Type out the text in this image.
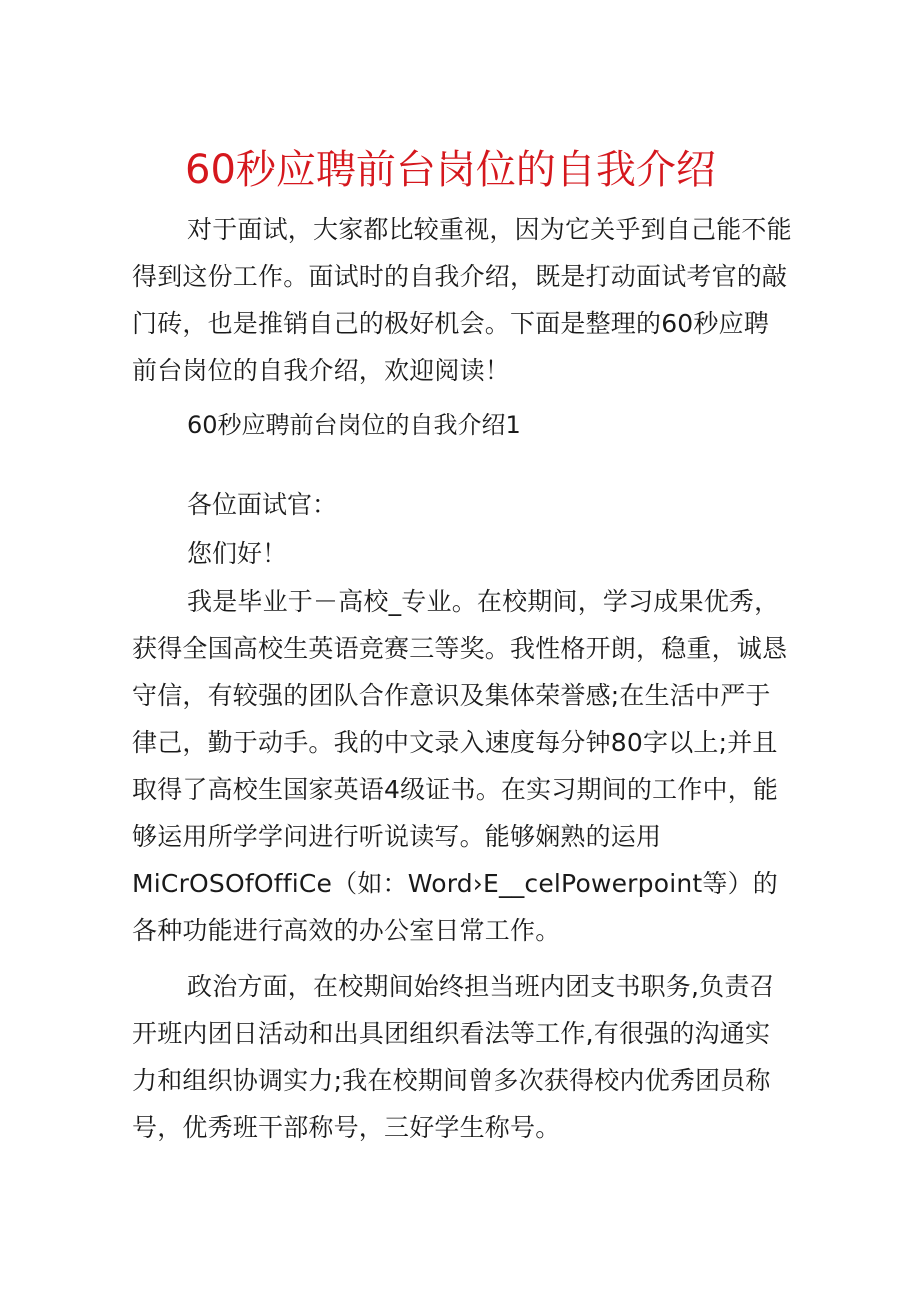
60秒应聘前台岗位的自我介绍

对于面试，大家都比较重视，因为它关乎到自己能不能得到这份工作。面试时的自我介绍，既是打动面试考官的敲门砖，也是推销自己的极好机会。下面是整理的60秒应聘前台岗位的自我介绍，欢迎阅读！

60秒应聘前台岗位的自我介绍1

各位面试官：

您们好！

我是毕业于－高校_专业。在校期间，学习成果优秀，获得全国高校生英语竞赛三等奖。我性格开朗，稳重，诚恳守信，有较强的团队合作意识及集体荣誉感;在生活中严于律己，勤于动手。我的中文录入速度每分钟80字以上;并且取得了高校生国家英语4级证书。在实习期间的工作中，能够运用所学学问进行听说读写。能够娴熟的运用MiCrOSOfOffiCe（如：Word›E__celPowerpoint等）的各种功能进行高效的办公室日常工作。

政治方面，在校期间始终担当班内团支书职务,负责召开班内团日活动和出具团组织看法等工作,有很强的沟通实力和组织协调实力;我在校期间曾多次获得校内优秀团员称号，优秀班干部称号，三好学生称号。
